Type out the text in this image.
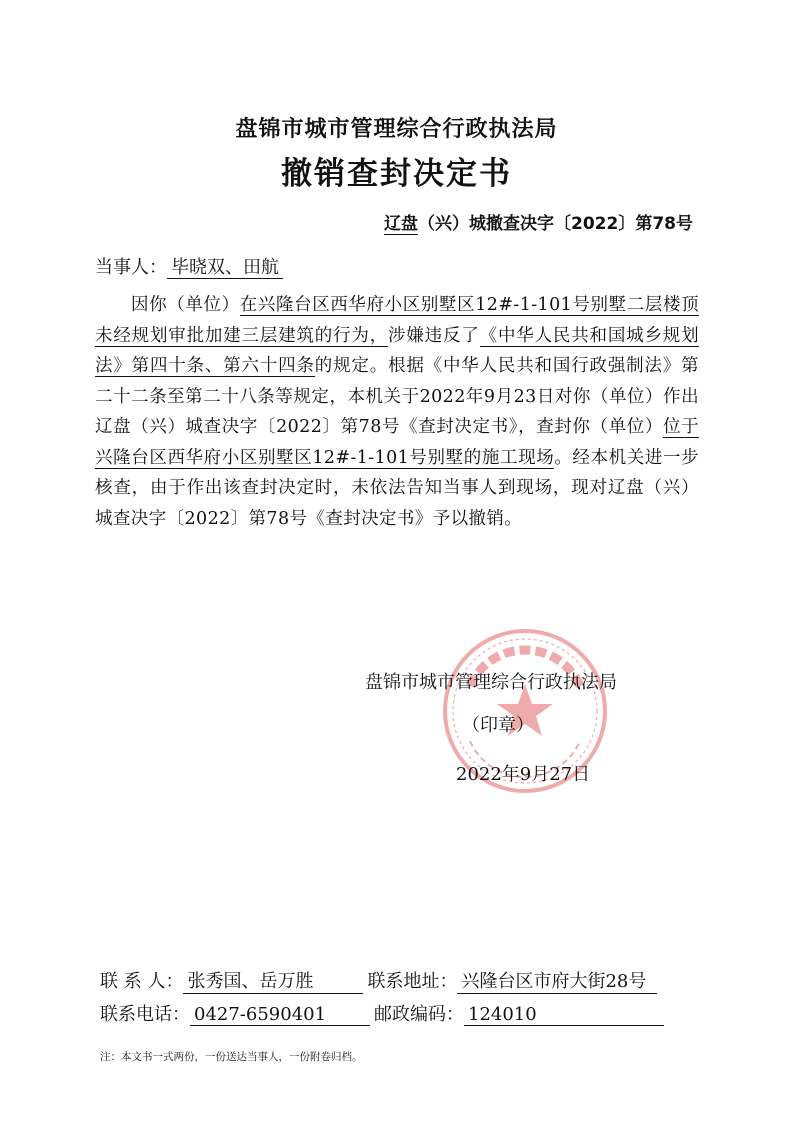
盘锦市城市管理综合行政执法局
撤销查封决定书
辽盘（兴）城撤查决字〔2022〕第78号
当事人： 毕晓双、田航
因你（单位）在兴隆台区西华府小区别墅区12#-1-101号别墅二层楼顶未经规划审批加建三层建筑的行为，涉嫌违反了《中华人民共和国城乡规划法》第四十条、第六十四条的规定。根据《中华人民共和国行政强制法》第二十二条至第二十八条等规定，本机关于2022年9月23日对你（单位）作出辽盘（兴）城查决字〔2022〕第78号《查封决定书》，查封你（单位）位于兴隆台区西华府小区别墅区12#-1-101号别墅的施工现场。经本机关进一步核查，由于作出该查封决定时，未依法告知当事人到现场，现对辽盘（兴）城查决字〔2022〕第78号《查封决定书》予以撤销。
盘锦市城市管理综合行政执法局
（印章）
2022年9月27日
联 系 人： 张秀国、岳万胜	联系地址： 兴隆台区市府大街28号
联系电话： 0427-6590401	邮政编码： 124010
注：本文书一式两份，一份送达当事人，一份附卷归档。
